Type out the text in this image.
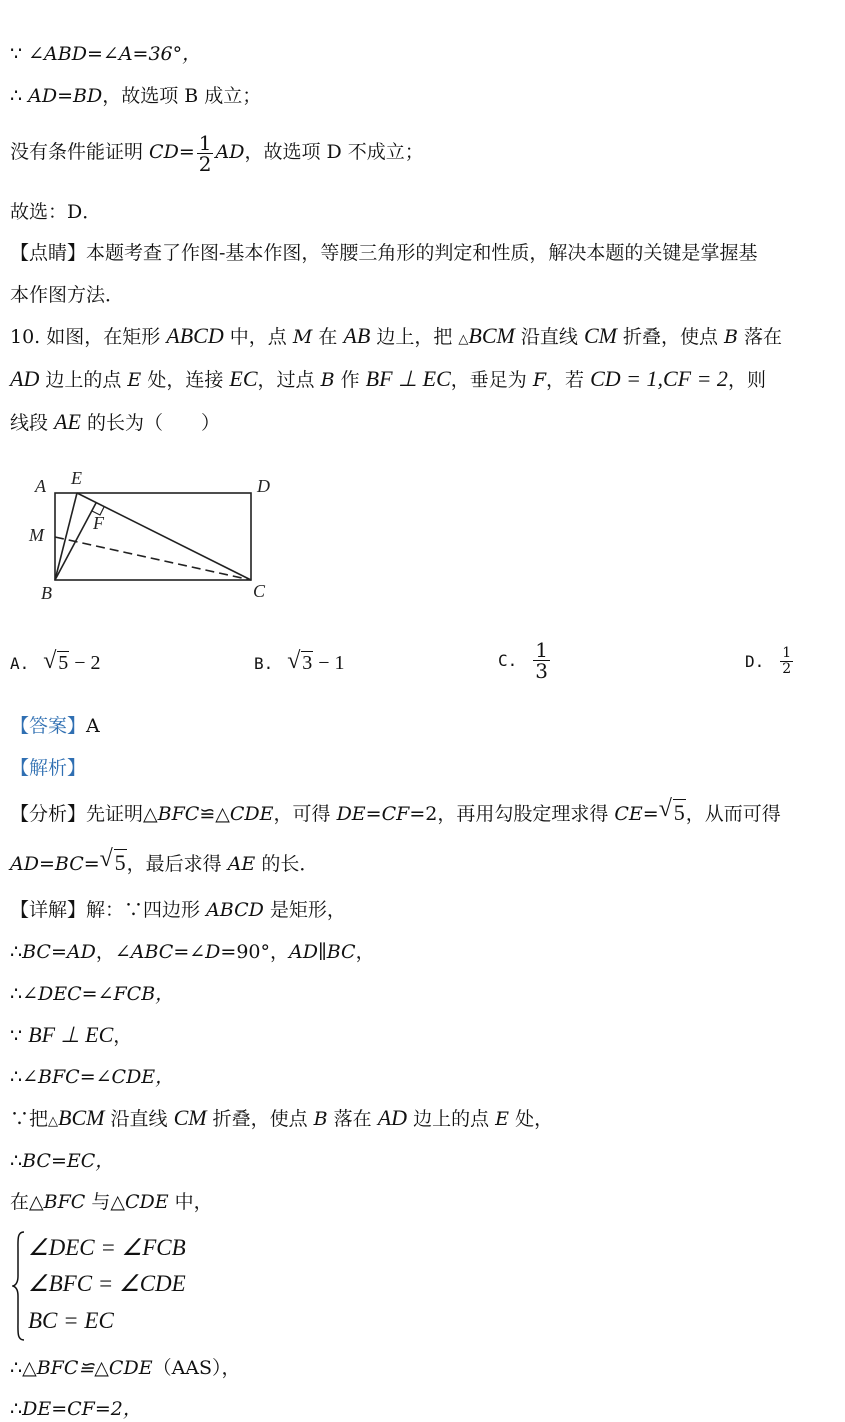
∵ ∠ABD=∠A=36°，
∴ AD=BD，故选项 B 成立；
没有条件能证明 $CD= \frac{1}{2}$ AD，故选项 D 不成立；
故选：D．
【点睛】本题考查了作图-基本作图，等腰三角形的判定和性质，解决本题的关键是掌握基
本作图方法．
10. 如图，在矩形 ABCD 中，点 M 在 AB 边上，把 △BCM 沿直线 CM 折叠，使点 B 落在
AD 边上的点 E 处，连接 EC，过点 B 作 BF ⊥ EC，垂足为 F，若 CD = 1,CF = 2，则
线段 AE 的长为（　　）
A E	D
M
F
B	C
A. √ 5 − 2	B. √ 3 − 1	C. $\frac{1}{3}$	D. $\frac{1}{2}$
【答案】A
【解析】
【分析】先证明△BFC≌△CDE，可得 DE=CF=2，再用勾股定理求得 CE= √ 5，从而可得
AD=BC= √ 5，最后求得 AE 的长．
【详解】解：∵四边形 ABCD 是矩形，
∴BC=AD，∠ABC=∠D=90°，AD∥BC，
∴∠DEC=∠FCB，
∵ BF ⊥ EC，
∴∠BFC=∠CDE，
∵把△BCM 沿直线 CM 折叠，使点 B 落在 AD 边上的点 E 处，
∴BC=EC，
在△BFC 与△CDE 中，
∠DEC = ∠FCB
∠BFC = ∠CDE
BC = EC
∴△BFC≌△CDE（AAS），
∴DE=CF=2，
